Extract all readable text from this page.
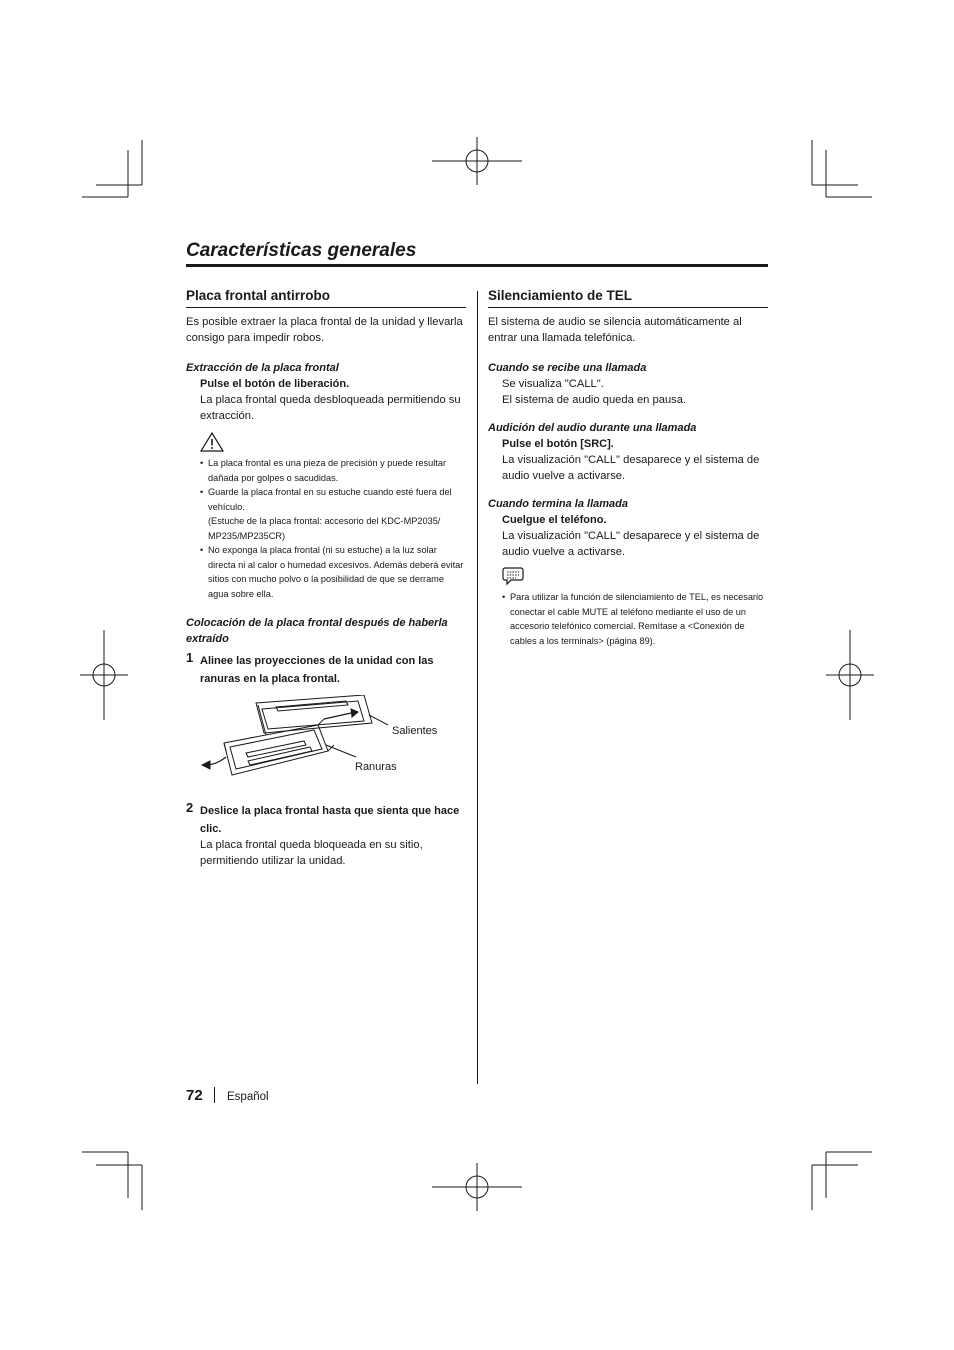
Características generales
Placa frontal antirrobo
Es posible extraer la placa frontal de la unidad y llevarla consigo para impedir robos.
Extracción de la placa frontal
Pulse el botón de liberación.
La placa frontal queda desbloqueada permitiendo su extracción.
• La placa frontal es una pieza de precisión y puede resultar dañada por golpes o sacudidas.
• Guarde la placa frontal en su estuche cuando esté fuera del vehículo.
(Estuche de la placa frontal: accesorio del KDC-MP2035/ MP235/MP235CR)
• No exponga la placa frontal (ni su estuche) a la luz solar directa ni al calor o humedad excesivos. Además deberá evitar sitios con mucho polvo o la posibilidad de que se derrame agua sobre ella.
Colocación de la placa frontal después de haberla extraído
1 Alinee las proyecciones de la unidad con las ranuras en la placa frontal.
Salientes
Ranuras
2 Deslice la placa frontal hasta que sienta que hace clic.
La placa frontal queda bloqueada en su sitio, permitiendo utilizar la unidad.
Silenciamiento de TEL
El sistema de audio se silencia automáticamente al entrar una llamada telefónica.
Cuando se recibe una llamada
Se visualiza "CALL".
El sistema de audio queda en pausa.
Audición del audio durante una llamada
Pulse el botón [SRC].
La visualización "CALL" desaparece y el sistema de audio vuelve a activarse.
Cuando termina la llamada
Cuelgue el teléfono.
La visualización "CALL" desaparece y el sistema de audio vuelve a activarse.
• Para utilizar la función de silenciamiento de TEL, es necesario conectar el cable MUTE al teléfono mediante el uso de un accesorio telefónico comercial. Remítase a <Conexión de cables a los terminals> (página 89).
72 Español
